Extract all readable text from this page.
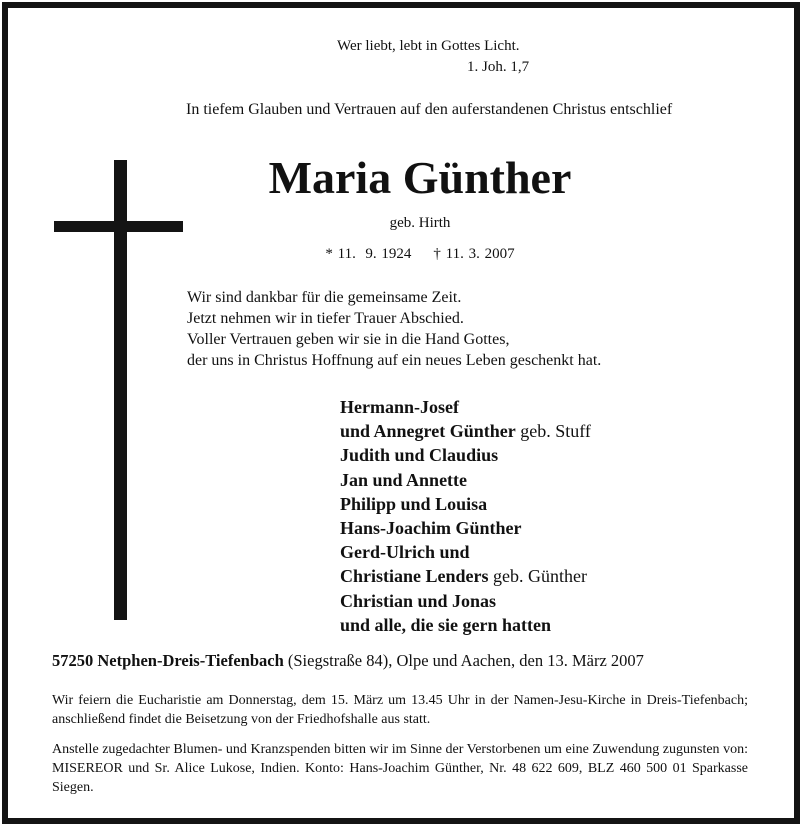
Wer liebt, lebt in Gottes Licht.
1. Joh. 1,7
In tiefem Glauben und Vertrauen auf den auferstandenen Christus entschlief
Maria Günther
geb. Hirth
* 11.  9. 1924 † 11. 3. 2007
Wir sind dankbar für die gemeinsame Zeit.
Jetzt nehmen wir in tiefer Trauer Abschied.
Voller Vertrauen geben wir sie in die Hand Gottes,
der uns in Christus Hoffnung auf ein neues Leben geschenkt hat.
Hermann-Josef
und Annegret Günther geb. Stuff
Judith und Claudius
Jan und Annette
Philipp und Louisa
Hans-Joachim Günther
Gerd-Ulrich und
Christiane Lenders geb. Günther
Christian und Jonas
und alle, die sie gern hatten
57250 Netphen-Dreis-Tiefenbach (Siegstraße 84), Olpe und Aachen, den 13. März 2007
Wir feiern die Eucharistie am Donnerstag, dem 15. März um 13.45 Uhr in der Namen-Jesu-Kirche in Dreis-Tiefenbach; anschließend findet die Beisetzung von der Friedhofshalle aus statt.
Anstelle zugedachter Blumen- und Kranzspenden bitten wir im Sinne der Verstorbenen um eine Zuwendung zugunsten von: MISEREOR und Sr. Alice Lukose, Indien. Konto: Hans-Joachim Günther, Nr. 48 622 609, BLZ 460 500 01 Sparkasse Siegen.
